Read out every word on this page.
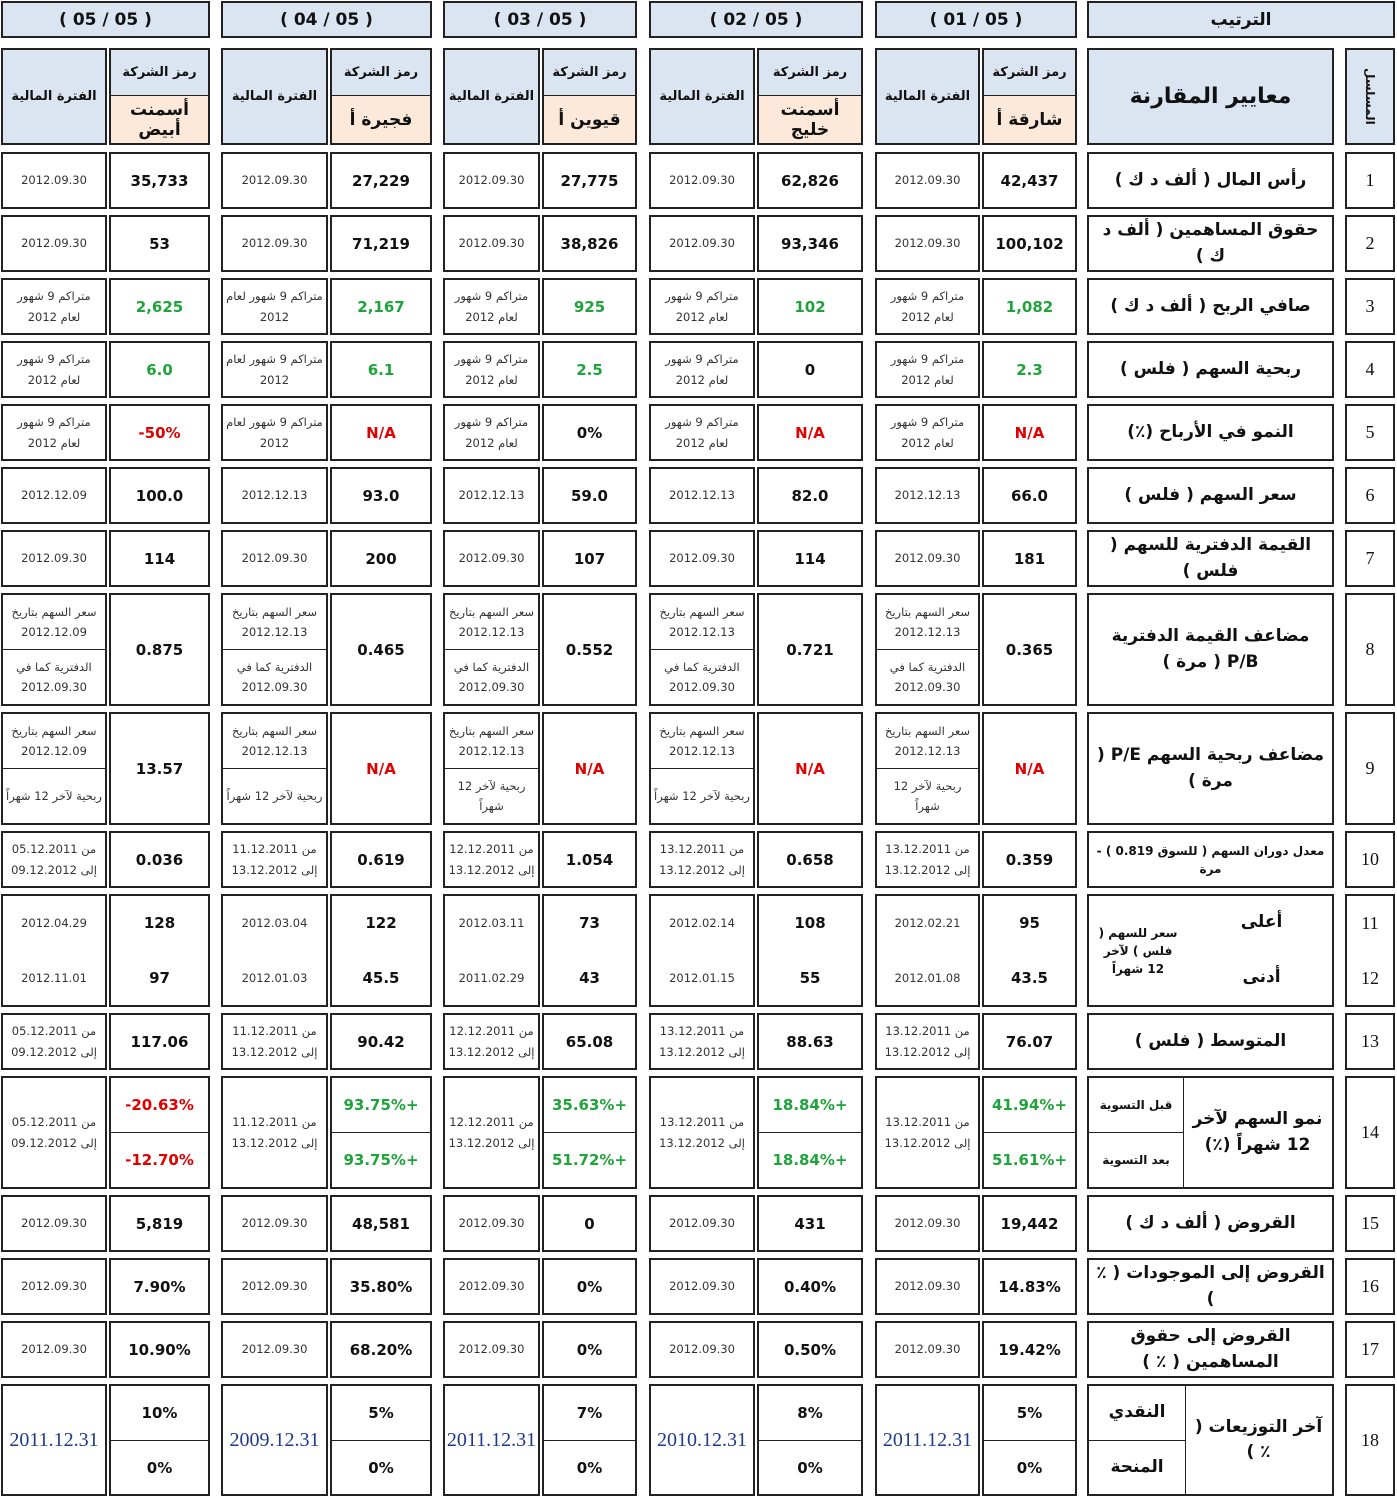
الترتيب
( 01 / 05 )
( 02 / 05 )
( 03 / 05 )
( 04 / 05 )
( 05 / 05 )
المسلسل
معايير المقارنة
رمز الشركة
شارقة أ
الفترة المالية
رمز الشركة
أسمنت خليج
الفترة المالية
رمز الشركة
قيوين أ
الفترة المالية
رمز الشركة
فجيرة أ
الفترة المالية
رمز الشركة
أسمنت أبيض
الفترة المالية
1
رأس المال ( ألف د ك )
42,437
2012.09.30
62,826
2012.09.30
27,775
2012.09.30
27,229
2012.09.30
35,733
2012.09.30
2
حقوق المساهمين ( ألف د ك )
100,102
2012.09.30
93,346
2012.09.30
38,826
2012.09.30
71,219
2012.09.30
53
2012.09.30
3
صافي الربح ( ألف د ك )
1,082
متراكم 9 شهور لعام 2012
102
متراكم 9 شهور لعام 2012
925
متراكم 9 شهور لعام 2012
2,167
متراكم 9 شهور لعام 2012
2,625
متراكم 9 شهور لعام 2012
4
ربحية السهم ( فلس )
2.3
متراكم 9 شهور لعام 2012
0
متراكم 9 شهور لعام 2012
2.5
متراكم 9 شهور لعام 2012
6.1
متراكم 9 شهور لعام 2012
6.0
متراكم 9 شهور لعام 2012
5
النمو في الأرباح (٪)
N/A
متراكم 9 شهور لعام 2012
N/A
متراكم 9 شهور لعام 2012
0%
متراكم 9 شهور لعام 2012
N/A
متراكم 9 شهور لعام 2012
-50%
متراكم 9 شهور لعام 2012
6
سعر السهم ( فلس )
66.0
2012.12.13
82.0
2012.12.13
59.0
2012.12.13
93.0
2012.12.13
100.0
2012.12.09
7
القيمة الدفترية للسهم ( فلس )
181
2012.09.30
114
2012.09.30
107
2012.09.30
200
2012.09.30
114
2012.09.30
8
مضاعف القيمة الدفترية P/B ( مرة )
0.365
سعر السهم بتاريخ 2012.12.13
الدفترية كما في 2012.09.30
0.721
سعر السهم بتاريخ 2012.12.13
الدفترية كما في 2012.09.30
0.552
سعر السهم بتاريخ 2012.12.13
الدفترية كما في 2012.09.30
0.465
سعر السهم بتاريخ 2012.12.13
الدفترية كما في 2012.09.30
0.875
سعر السهم بتاريخ 2012.12.09
الدفترية كما في 2012.09.30
9
مضاعف ربحية السهم P/E ( مرة )
N/A
سعر السهم بتاريخ 2012.12.13
ربحية لآخر 12 شهراً
N/A
سعر السهم بتاريخ 2012.12.13
ربحية لآخر 12 شهراً
N/A
سعر السهم بتاريخ 2012.12.13
ربحية لآخر 12 شهراً
N/A
سعر السهم بتاريخ 2012.12.13
ربحية لآخر 12 شهراً
13.57
سعر السهم بتاريخ 2012.12.09
ربحية لآخر 12 شهراً
10
معدل دوران السهم ( للسوق 0.819 ) - مرة
0.359
من 13.12.2011 إلى 13.12.2012
0.658
من 13.12.2011 إلى 13.12.2012
1.054
من 12.12.2011 إلى 13.12.2012
0.619
من 11.12.2011 إلى 13.12.2012
0.036
من 05.12.2011 إلى 09.12.2012
11
12
أعلى
أدنى
سعر للسهم ( فلس ) لآخر 12 شهراً
95
43.5
2012.02.21
2012.01.08
108
55
2012.02.14
2012.01.15
73
43
2012.03.11
2011.02.29
122
45.5
2012.03.04
2012.01.03
128
97
2012.04.29
2012.11.01
13
المتوسط ( فلس )
76.07
من 13.12.2011 إلى 13.12.2012
88.63
من 13.12.2011 إلى 13.12.2012
65.08
من 12.12.2011 إلى 13.12.2012
90.42
من 11.12.2011 إلى 13.12.2012
117.06
من 05.12.2011 إلى 09.12.2012
14
نمو السهم لآخر 12 شهراً (٪)
قبل التسوية
بعد التسوية
41.94%+
51.61%+
من 13.12.2011 إلى 13.12.2012
18.84%+
18.84%+
من 13.12.2011 إلى 13.12.2012
35.63%+
51.72%+
من 12.12.2011 إلى 13.12.2012
93.75%+
93.75%+
من 11.12.2011 إلى 13.12.2012
-20.63%
-12.70%
من 05.12.2011 إلى 09.12.2012
15
القروض ( ألف د ك )
19,442
2012.09.30
431
2012.09.30
0
2012.09.30
48,581
2012.09.30
5,819
2012.09.30
16
القروض إلى الموجودات ( ٪ )
14.83%
2012.09.30
0.40%
2012.09.30
0%
2012.09.30
35.80%
2012.09.30
7.90%
2012.09.30
17
القروض إلى حقوق المساهمين ( ٪ )
19.42%
2012.09.30
0.50%
2012.09.30
0%
2012.09.30
68.20%
2012.09.30
10.90%
2012.09.30
18
آخر التوزيعات ( ٪ )
النقدي
المنحة
5%
0%
2011.12.31
8%
0%
2010.12.31
7%
0%
2011.12.31
5%
0%
2009.12.31
10%
0%
2011.12.31
